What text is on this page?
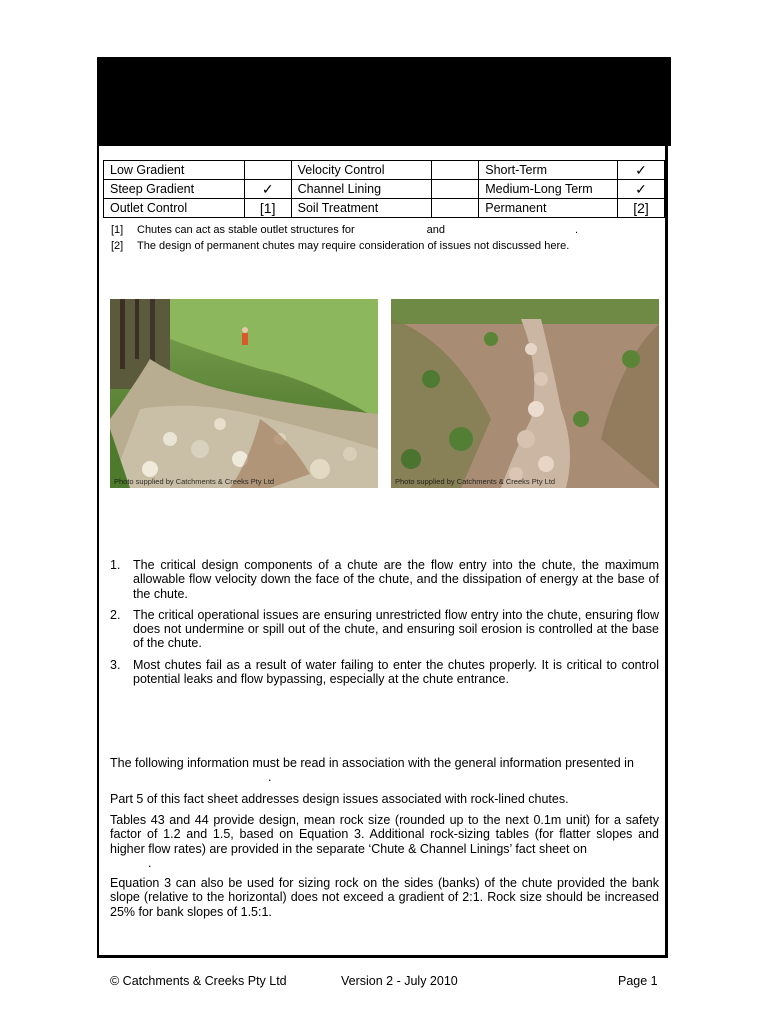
Low Gradient		Velocity Control		Short-Term	✓
Steep Gradient	✓	Channel Lining		Medium-Long Term	✓
Outlet Control	[1]	Soil Treatment		Permanent	[2]
[1] Chutes can act as stable outlet structures for	and	.
[2] The design of permanent chutes may require consideration of issues not discussed here.
Photo supplied by Catchments & Creeks Pty Ltd	Photo supplied by Catchments & Creeks Pty Ltd
1. The critical design components of a chute are the flow entry into the chute, the maximum allowable flow velocity down the face of the chute, and the dissipation of energy at the base of the chute.
2. The critical operational issues are ensuring unrestricted flow entry into the chute, ensuring flow does not undermine or spill out of the chute, and ensuring soil erosion is controlled at the base of the chute.
3. Most chutes fail as a result of water failing to enter the chutes properly. It is critical to control potential leaks and flow bypassing, especially at the chute entrance.

The following information must be read in association with the general information presented in
.

Part 5 of this fact sheet addresses design issues associated with rock-lined chutes.

Tables 43 and 44 provide design, mean rock size (rounded up to the next 0.1m unit) for a safety factor of 1.2 and 1.5, based on Equation 3. Additional rock-sizing tables (for flatter slopes and higher flow rates) are provided in the separate ‘Chute & Channel Linings’ fact sheet on
.

Equation 3 can also be used for sizing rock on the sides (banks) of the chute provided the bank slope (relative to the horizontal) does not exceed a gradient of 2:1. Rock size should be increased 25% for bank slopes of 1.5:1.

© Catchments & Creeks Pty Ltd	Version 2 - July 2010	Page 1
